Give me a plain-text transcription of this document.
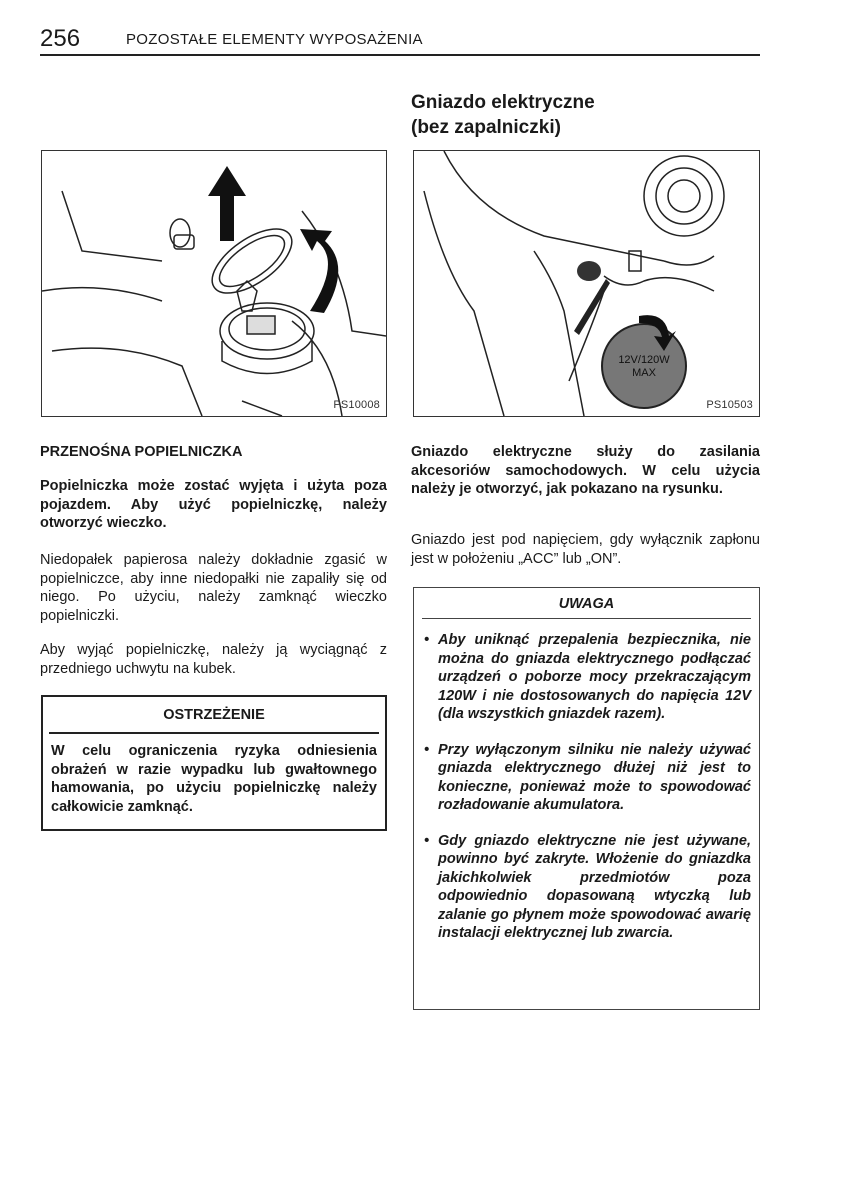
256	POZOSTAŁE ELEMENTY WYPOSAŻENIA
Gniazdo elektryczne
(bez zapalniczki)
PS10008
12V/120W
MAX
PS10503
PRZENOŚNA POPIELNICZKA
Popielniczka może zostać wyjęta i użyta poza pojazdem. Aby użyć popielniczkę, należy otworzyć wieczko.
Niedopałek papierosa należy dokładnie zgasić w popielniczce, aby inne niedopałki nie zapaliły się od niego. Po użyciu, należy zamknąć wieczko popielniczki.
Aby wyjąć popielniczkę, należy ją wyciągnąć z przedniego uchwytu na kubek.
OSTRZEŻENIE
W celu ograniczenia ryzyka odniesienia obrażeń w razie wypadku lub gwałtownego hamowania, po użyciu popielniczkę należy całkowicie zamknąć.
Gniazdo elektryczne służy do zasilania akcesoriów samochodowych. W celu użycia należy je otworzyć, jak pokazano na rysunku.
Gniazdo jest pod napięciem, gdy wyłącznik zapłonu jest w położeniu „ACC” lub „ON”.
UWAGA
• Aby uniknąć przepalenia bezpiecznika, nie można do gniazda elektrycznego podłączać urządzeń o poborze mocy przekraczającym 120W i nie dostosowanych do napięcia 12V (dla wszystkich gniazdek razem).
• Przy wyłączonym silniku nie należy używać gniazda elektrycznego dłużej niż jest to konieczne, ponieważ może to spowodować rozładowanie akumulatora.
• Gdy gniazdo elektryczne nie jest używane, powinno być zakryte. Włożenie do gniazdka jakichkolwiek przedmiotów poza odpowiednio dopasowaną wtyczką lub zalanie go płynem może spowodować awarię instalacji elektrycznej lub zwarcia.
